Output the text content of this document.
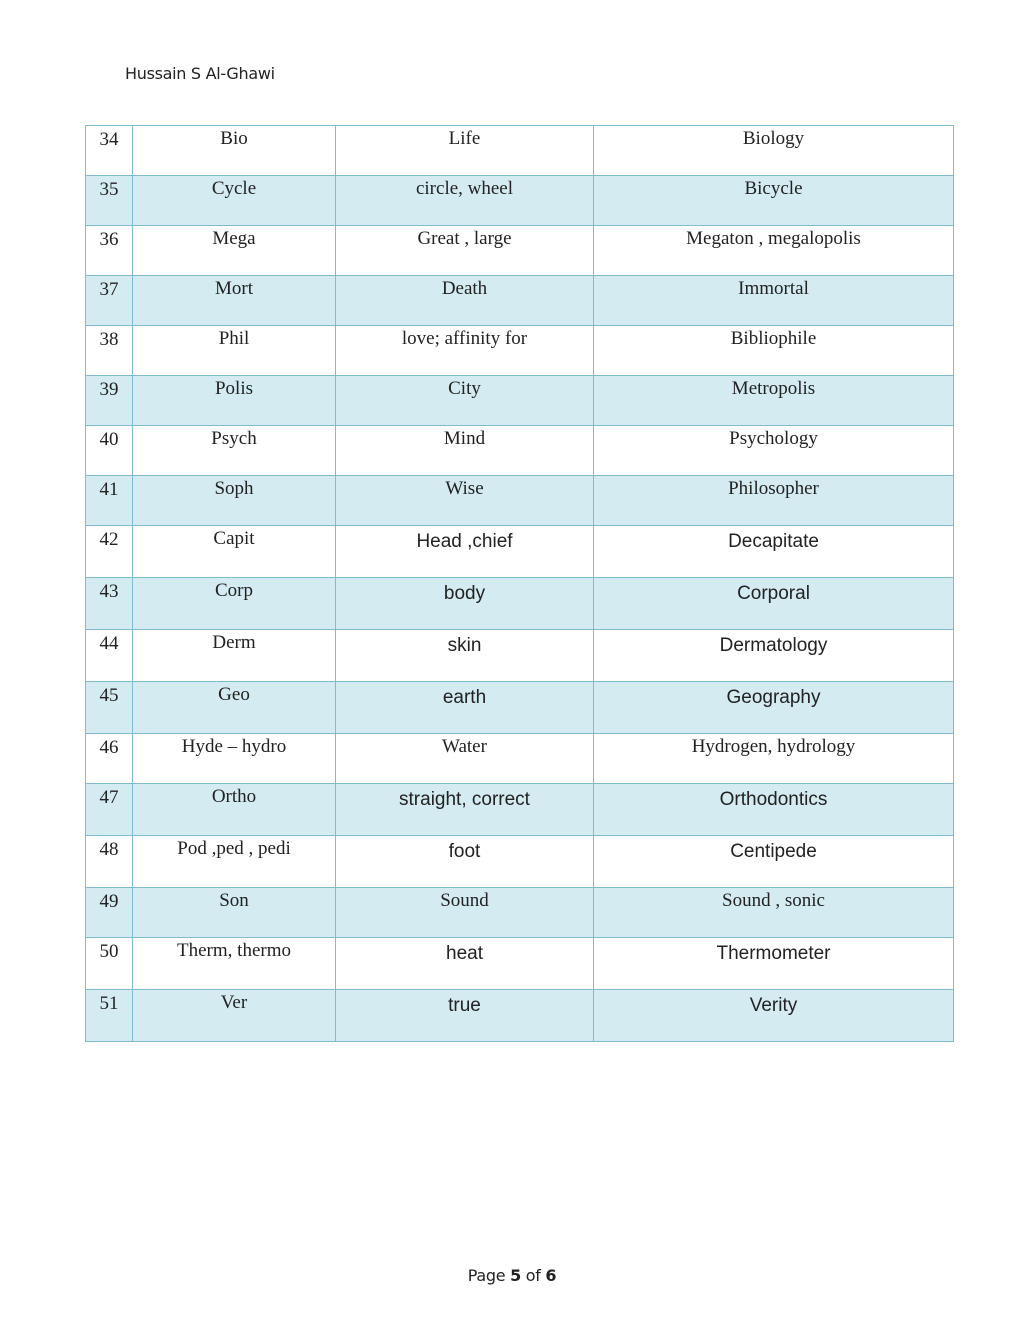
Hussain S Al-Ghawi
34	Bio	Life	Biology
35	Cycle	circle, wheel	Bicycle
36	Mega	Great , large	Megaton , megalopolis
37	Mort	Death	Immortal
38	Phil	love; affinity for	Bibliophile
39	Polis	City	Metropolis
40	Psych	Mind	Psychology
41	Soph	Wise	Philosopher
42	Capit	Head ,chief	Decapitate
43	Corp	body	Corporal
44	Derm	skin	Dermatology
45	Geo	earth	Geography
46	Hyde – hydro	Water	Hydrogen, hydrology
47	Ortho	straight, correct	Orthodontics
48	Pod ,ped , pedi	foot	Centipede
49	Son	Sound	Sound , sonic
50	Therm, thermo	heat	Thermometer
51	Ver	true	Verity
Page 5 of 6
